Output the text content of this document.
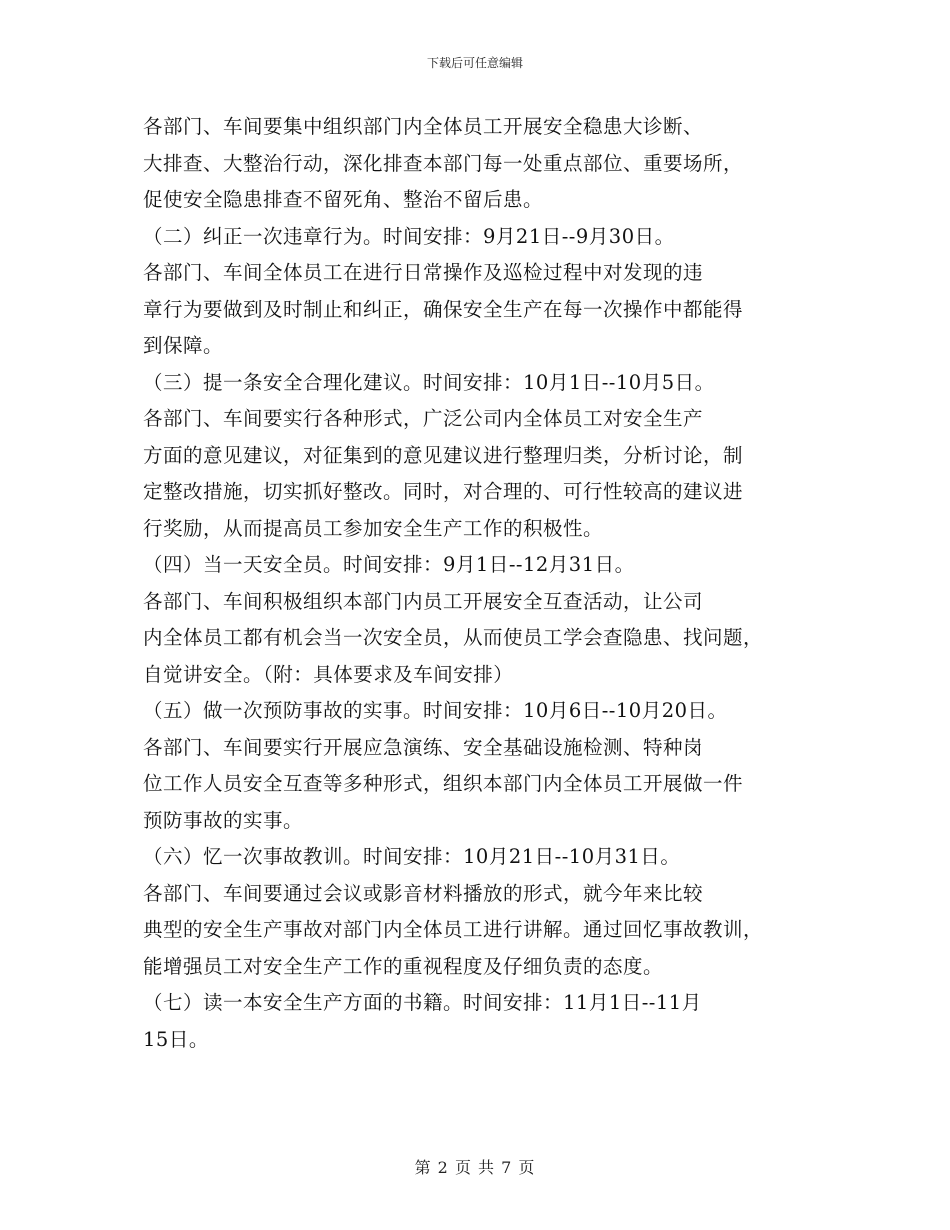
下载后可任意编辑
各部门、车间要集中组织部门内全体员工开展安全稳患大诊断、
大排查、大整治行动，深化排查本部门每一处重点部位、重要场所，
促使安全隐患排查不留死角、整治不留后患。
（二）纠正一次违章行为。时间安排：9月21日--9月30日。
各部门、车间全体员工在进行日常操作及巡检过程中对发现的违
章行为要做到及时制止和纠正，确保安全生产在每一次操作中都能得
到保障。
（三）提一条安全合理化建议。时间安排：10月1日--10月5日。
各部门、车间要实行各种形式，广泛公司内全体员工对安全生产
方面的意见建议，对征集到的意见建议进行整理归类，分析讨论，制
定整改措施，切实抓好整改。同时，对合理的、可行性较高的建议进
行奖励，从而提高员工参加安全生产工作的积极性。
（四）当一天安全员。时间安排：9月1日--12月31日。
各部门、车间积极组织本部门内员工开展安全互查活动，让公司
内全体员工都有机会当一次安全员，从而使员工学会查隐患、找问题，
自觉讲安全。（附：具体要求及车间安排）
（五）做一次预防事故的实事。时间安排：10月6日--10月20日。
各部门、车间要实行开展应急演练、安全基础设施检测、特种岗
位工作人员安全互查等多种形式，组织本部门内全体员工开展做一件
预防事故的实事。
（六）忆一次事故教训。时间安排：10月21日--10月31日。
各部门、车间要通过会议或影音材料播放的形式，就今年来比较
典型的安全生产事故对部门内全体员工进行讲解。通过回忆事故教训，
能增强员工对安全生产工作的重视程度及仔细负责的态度。
（七）读一本安全生产方面的书籍。时间安排：11月1日--11月
15日。
第 2 页 共 7 页
